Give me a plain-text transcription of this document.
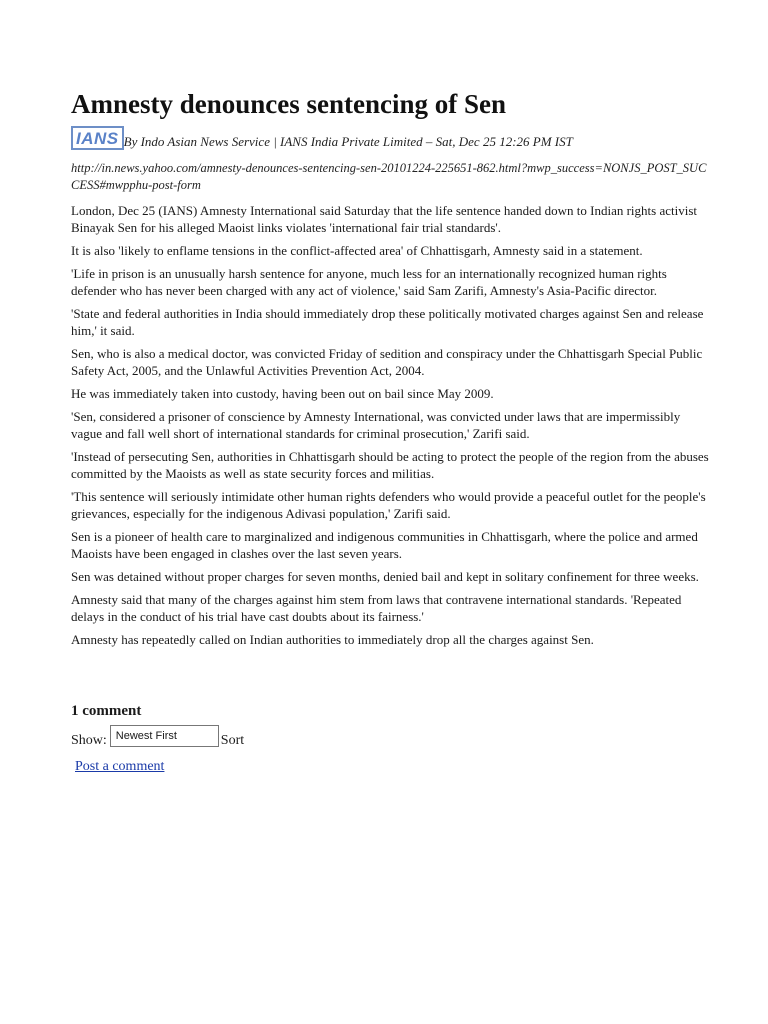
Amnesty denounces sentencing of Sen
IANS By Indo Asian News Service | IANS India Private Limited – Sat, Dec 25 12:26 PM IST
http://in.news.yahoo.com/amnesty-denounces-sentencing-sen-20101224-225651-862.html?mwp_success=NONJS_POST_SUCCESS#mwpphu-post-form

London, Dec 25 (IANS) Amnesty International said Saturday that the life sentence handed down to Indian rights activist Binayak Sen for his alleged Maoist links violates 'international fair trial standards'.

It is also 'likely to enflame tensions in the conflict-affected area' of Chhattisgarh, Amnesty said in a statement.

'Life in prison is an unusually harsh sentence for anyone, much less for an internationally recognized human rights defender who has never been charged with any act of violence,' said Sam Zarifi, Amnesty's Asia-Pacific director.

'State and federal authorities in India should immediately drop these politically motivated charges against Sen and release him,' it said.

Sen, who is also a medical doctor, was convicted Friday of sedition and conspiracy under the Chhattisgarh Special Public Safety Act, 2005, and the Unlawful Activities Prevention Act, 2004.

He was immediately taken into custody, having been out on bail since May 2009.

'Sen, considered a prisoner of conscience by Amnesty International, was convicted under laws that are impermissibly vague and fall well short of international standards for criminal prosecution,' Zarifi said.

'Instead of persecuting Sen, authorities in Chhattisgarh should be acting to protect the people of the region from the abuses committed by the Maoists as well as state security forces and militias.

'This sentence will seriously intimidate other human rights defenders who would provide a peaceful outlet for the people's grievances, especially for the indigenous Adivasi population,' Zarifi said.

Sen is a pioneer of health care to marginalized and indigenous communities in Chhattisgarh, where the police and armed Maoists have been engaged in clashes over the last seven years.

Sen was detained without proper charges for seven months, denied bail and kept in solitary confinement for three weeks.

Amnesty said that many of the charges against him stem from laws that contravene international standards. 'Repeated delays in the conduct of his trial have cast doubts about its fairness.'

Amnesty has repeatedly called on Indian authorities to immediately drop all the charges against Sen.

1 comment
Show: Newest First	Sort
Post a comment
